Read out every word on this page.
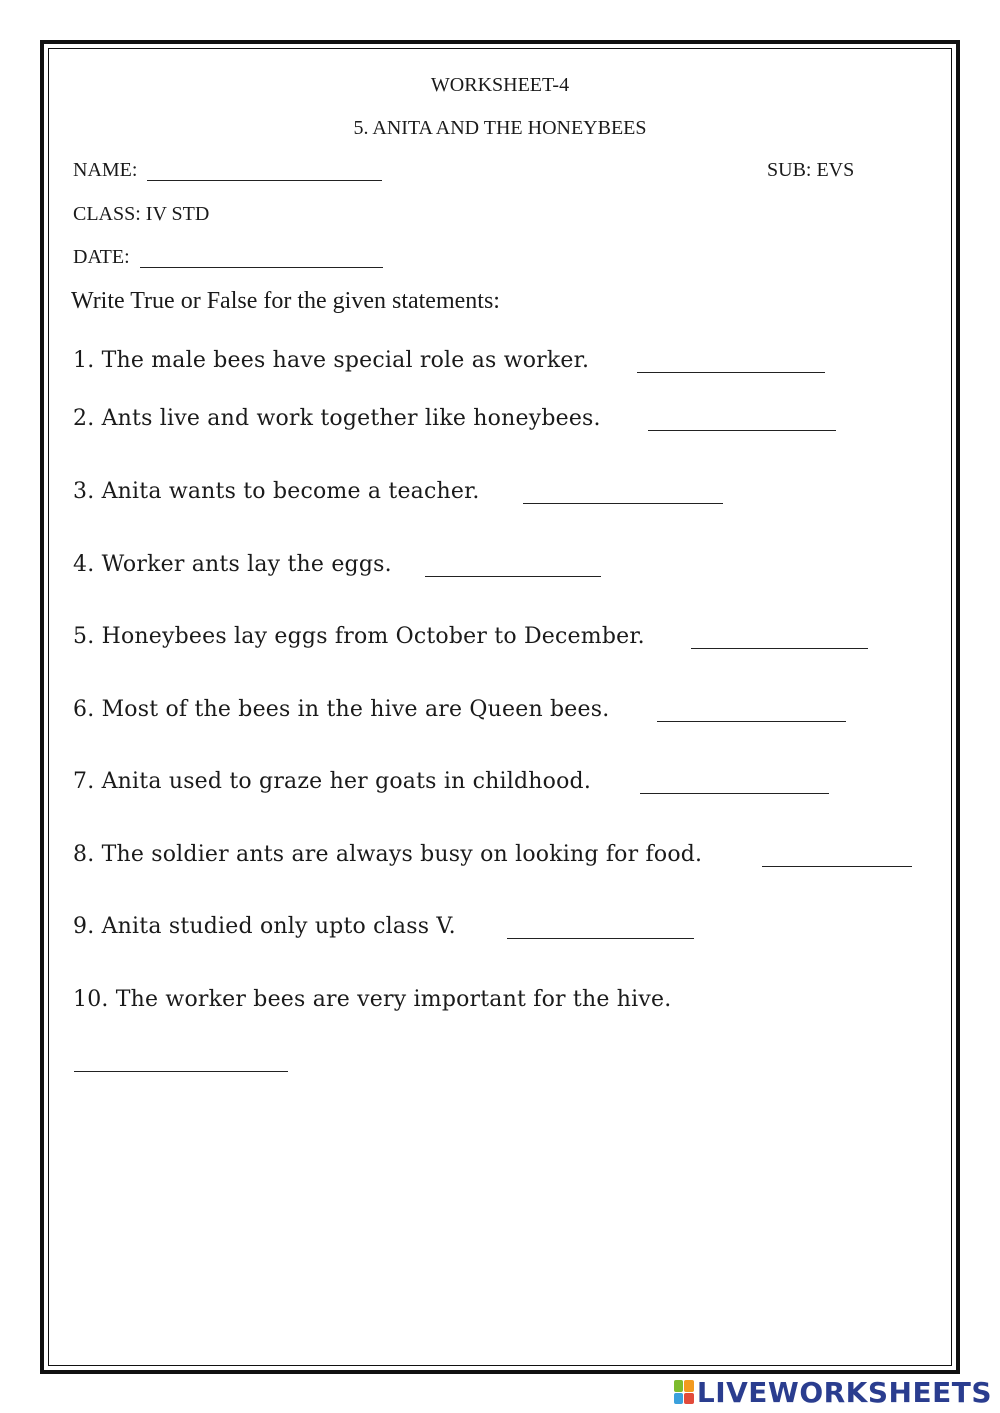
WORKSHEET-4
5. ANITA AND THE HONEYBEES
NAME:	SUB: EVS
CLASS: IV STD
DATE:
Write True or False for the given statements:
1. The male bees have special role as worker.
2. Ants live and work together like honeybees.
3. Anita wants to become a teacher.
4. Worker ants lay the eggs.
5. Honeybees lay eggs from October to December.
6. Most of the bees in the hive are Queen bees.
7. Anita used to graze her goats in childhood.
8. The soldier ants are always busy on looking for food.
9. Anita studied only upto class V.
10. The worker bees are very important for the hive.
LIVEWORKSHEETS
